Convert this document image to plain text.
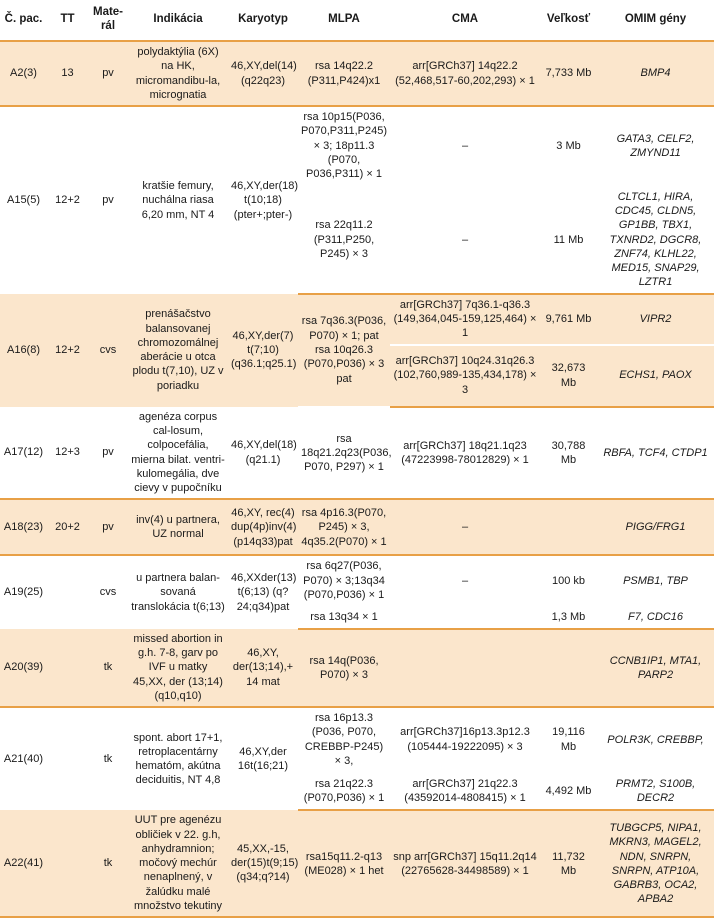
Č. pac.	TT	Mate-
rál	Indikácia	Karyotyp	MLPA	CMA	Veľkosť	OMIM gény
A2(3)	13	pv	polydaktýlia (6X) na HK, micromandibu-la, micrognatia	46,XY,del(14) (q22q23)	rsa 14q22.2 (P311,P424)x1	arr[GRCh37] 14q22.2 (52,468,517-60,202,293) × 1	7,733 Mb	BMP4
A15(5)	12+2	pv	kratšie femury, nuchálna riasa 6,20 mm, NT 4	46,XY,der(18) t(10;18) (pter+;pter-)	rsa 10p15(P036, P070,P311,P245) × 3; 18p11.3 (P070, P036,P311) × 1	–	3 Mb	GATA3, CELF2, ZMYND11
					rsa 22q11.2 (P311,P250, P245) × 3	–	11 Mb	CLTCL1, HIRA, CDC45, CLDN5, GP1BB, TBX1, TXNRD2, DGCR8, ZNF74, KLHL22, MED15, SNAP29, LZTR1
A16(8)	12+2	cvs	prenášačstvo balansovanej chromozomálnej aberácie u otca plodu t(7,10), UZ v poriadku	46,XY,der(7) t(7;10) (q36.1;q25.1)	rsa 7q36.3(P036, P070) × 1; pat rsa 10q26.3 (P070,P036) × 3 pat	arr[GRCh37] 7q36.1-q36.3 (149,364,045-159,125,464) × 1	9,761 Mb	VIPR2
						arr[GRCh37] 10q24.31q26.3 (102,760,989-135,434,178) × 3	32,673 Mb	ECHS1, PAOX
A17(12)	12+3	pv	agenéza corpus cal-losum, colpocefália, mierna bilat. ventri-kulomegália, dve cievy v pupočníku	46,XY,del(18) (q21.1)	rsa 18q21.2q23(P036, P070, P297) × 1	arr[GRCh37] 18q21.1q23 (47223998-78012829) × 1	30,788 Mb	RBFA, TCF4, CTDP1
A18(23)	20+2	pv	inv(4) u partnera, UZ normal	46,XY, rec(4) dup(4p)inv(4) (p14q33)pat	rsa 4p16.3(P070, P245) × 3, 4q35.2(P070) × 1	–		PIGG/FRG1
A19(25)		cvs	u partnera balan-sovaná translokácia t(6;13)	46,XXder(13) t(6;13) (q?24;q34)pat	rsa 6q27(P036, P070) × 3;13q34 (P070,P036) × 1	–	100 kb	PSMB1, TBP
					rsa 13q34 × 1		1,3 Mb	F7, CDC16
A20(39)		tk	missed abortion in g.h. 7-8, garv po IVF u matky 45,XX, der (13;14)(q10,q10)	46,XY, der(13;14),+ 14 mat	rsa 14q(P036, P070) × 3			CCNB1IP1, MTA1, PARP2
A21(40)		tk	spont. abort 17+1, retroplacentárny hematóm, akútna deciduitis, NT 4,8	46,XY,der 16t(16;21)	rsa 16p13.3 (P036, P070, CREBBP-P245) × 3,	arr[GRCh37]16p13.3p12.3 (105444-19222095) × 3	19,116 Mb	POLR3K, CREBBP,
					rsa 21q22.3 (P070,P036) × 1	arr[GRCh37] 21q22.3 (43592014-4808415) × 1	4,492 Mb	PRMT2, S100B, DECR2
A22(41)		tk	UUT pre agenézu obličiek v 22. g.h, anhydramnion; močový mechúr nenaplnený, v žalúdku malé množstvo tekutiny	45,XX,-15, der(15)t(9;15) (q34;q?14)	rsa15q11.2-q13 (ME028) × 1 het	snp arr[GRCh37] 15q11.2q14 (22765628-34498589) × 1	11,732 Mb	TUBGCP5, NIPA1, MKRN3, MAGEL2, NDN, SNRPN, SNRPN, ATP10A, GABRB3, OCA2, APBA2
